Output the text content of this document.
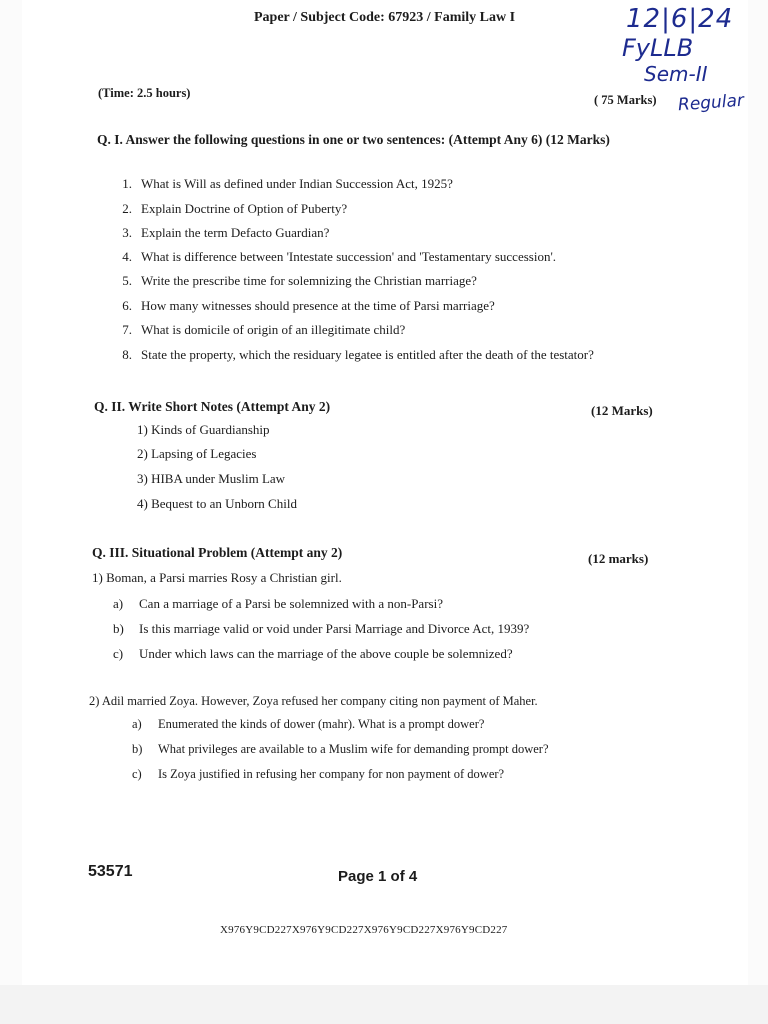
Paper / Subject Code: 67923 / Family Law I	12|6|24
FyLLB
Sem-II
Regular
(Time: 2.5 hours)	( 75 Marks)
Q. I. Answer the following questions in one or two sentences: (Attempt Any 6) (12 Marks)
1. What is Will as defined under Indian Succession Act, 1925?
2. Explain Doctrine of Option of Puberty?
3. Explain the term Defacto Guardian?
4. What is difference between 'Intestate succession' and 'Testamentary succession'.
5. Write the prescribe time for solemnizing the Christian marriage?
6. How many witnesses should presence at the time of Parsi marriage?
7. What is domicile of origin of an illegitimate child?
8. State the property, which the residuary legatee is entitled after the death of the testator?
Q. II. Write Short Notes (Attempt Any 2)	(12 Marks)
1) Kinds of Guardianship
2) Lapsing of Legacies
3) HIBA under Muslim Law
4) Bequest to an Unborn Child
Q. III. Situational Problem (Attempt any 2)	(12 marks)
1) Boman, a Parsi marries Rosy a Christian girl.
a) Can a marriage of a Parsi be solemnized with a non-Parsi?
b) Is this marriage valid or void under Parsi Marriage and Divorce Act, 1939?
c) Under which laws can the marriage of the above couple be solemnized?
2) Adil married Zoya. However, Zoya refused her company citing non payment of Maher.
a) Enumerated the kinds of dower (mahr). What is a prompt dower?
b) What privileges are available to a Muslim wife for demanding prompt dower?
c) Is Zoya justified in refusing her company for non payment of dower?
53571	Page 1 of 4
X976Y9CD227X976Y9CD227X976Y9CD227X976Y9CD227
